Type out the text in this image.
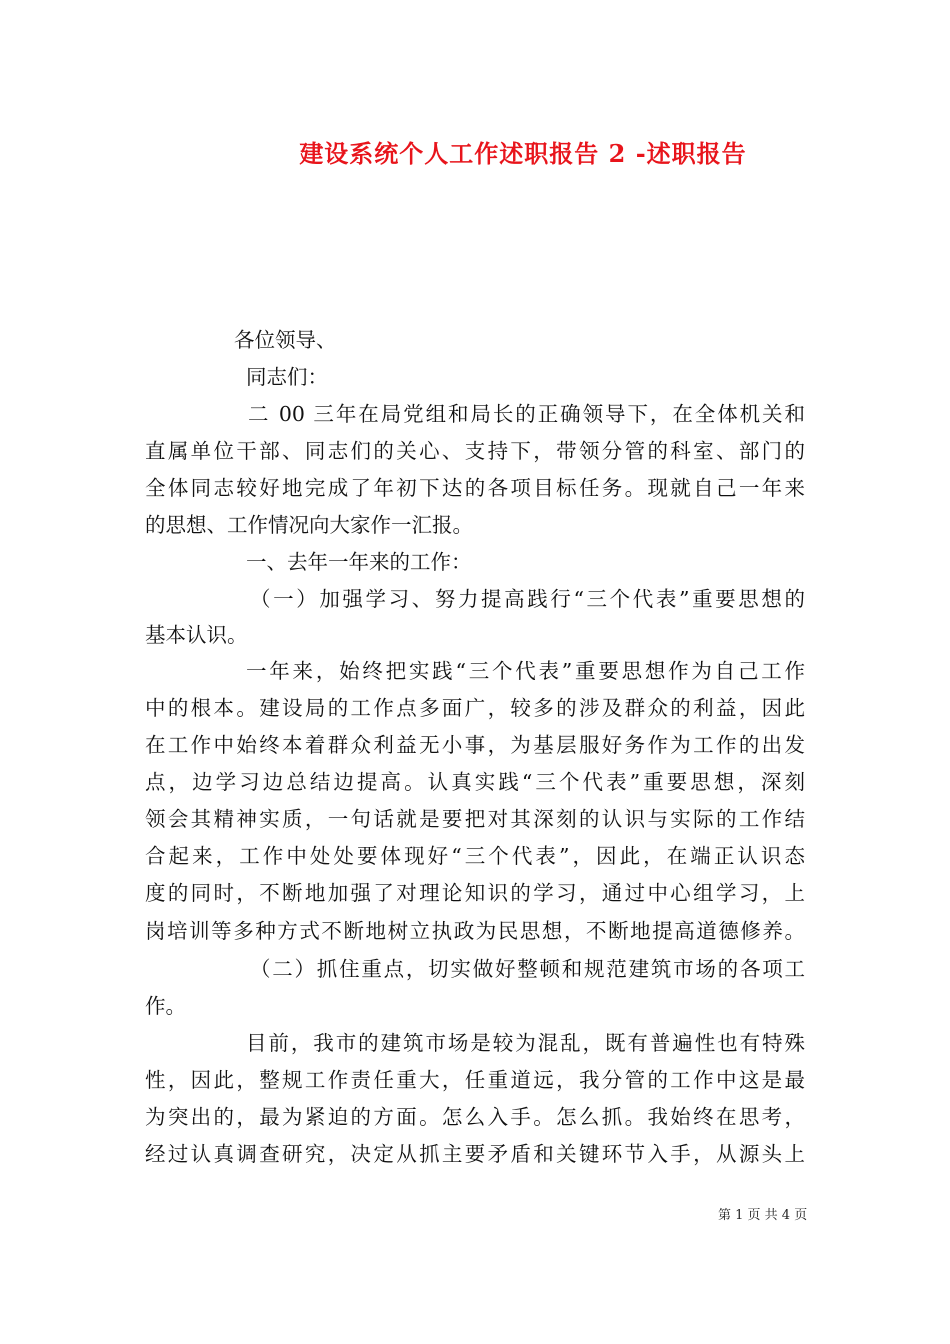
建设系统个人工作述职报告 2 -述职报告
各位领导、
同志们：
二 00 三年在局党组和局长的正确领导下，在全体机关和
直属单位干部、同志们的关心、支持下，带领分管的科室、部门的
全体同志较好地完成了年初下达的各项目标任务。现就自己一年来
的思想、工作情况向大家作一汇报。
一、去年一年来的工作：
（一）加强学习、努力提高践行“三个代表”重要思想的
基本认识。
一年来，始终把实践“三个代表”重要思想作为自己工作
中的根本。建设局的工作点多面广，较多的涉及群众的利益，因此
在工作中始终本着群众利益无小事，为基层服好务作为工作的出发
点，边学习边总结边提高。认真实践“三个代表”重要思想，深刻
领会其精神实质，一句话就是要把对其深刻的认识与实际的工作结
合起来，工作中处处要体现好“三个代表”，因此，在端正认识态
度的同时，不断地加强了对理论知识的学习，通过中心组学习，上
岗培训等多种方式不断地树立执政为民思想，不断地提高道德修养。
（二）抓住重点，切实做好整顿和规范建筑市场的各项工
作。
目前，我市的建筑市场是较为混乱，既有普遍性也有特殊
性，因此，整规工作责任重大，任重道远，我分管的工作中这是最
为突出的，最为紧迫的方面。怎么入手。怎么抓。我始终在思考，
经过认真调查研究，决定从抓主要矛盾和关键环节入手，从源头上
第 1 页 共 4 页
